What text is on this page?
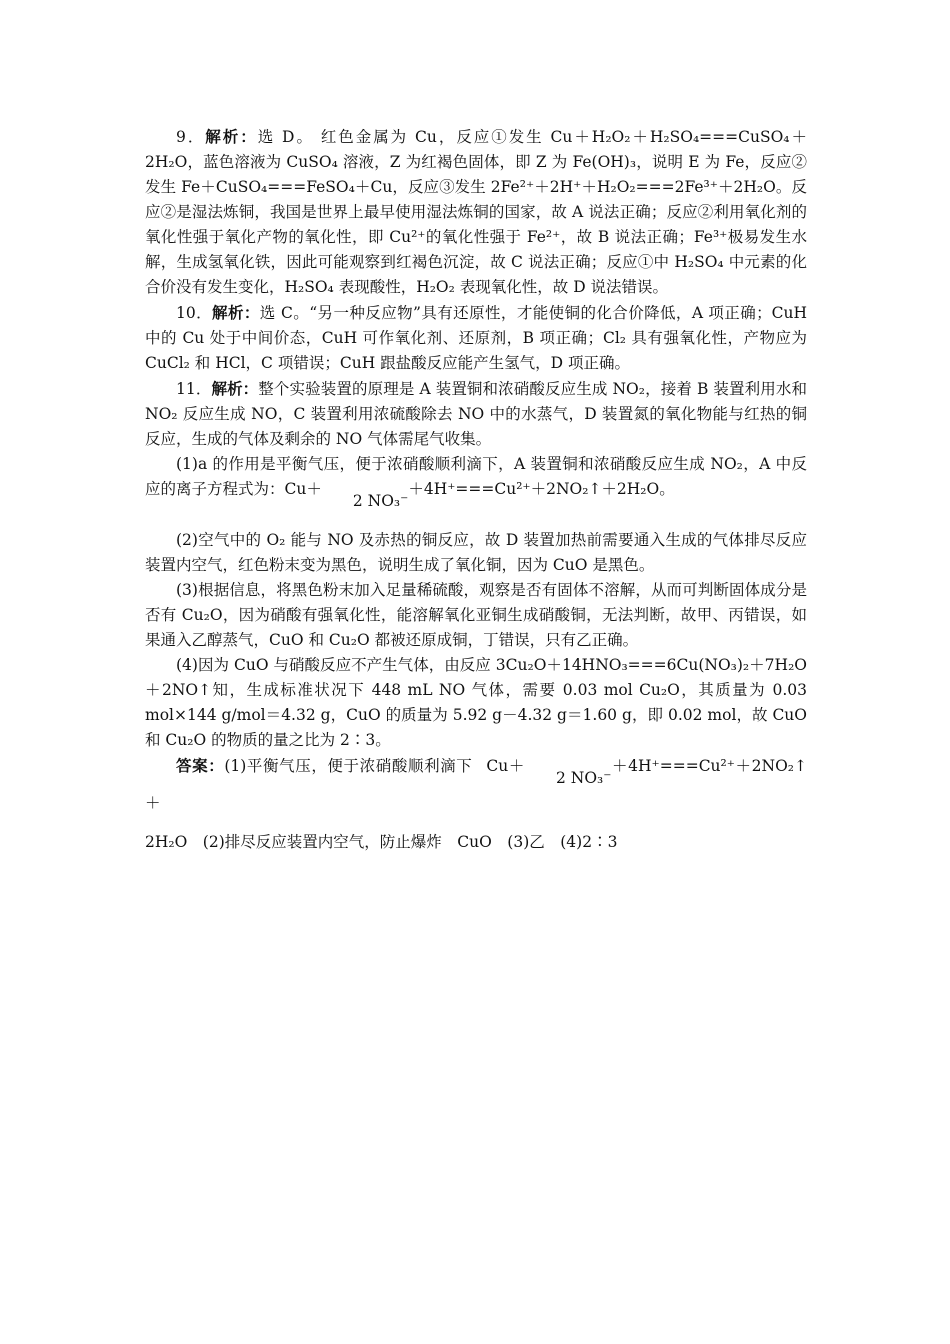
9．解析：选 D。 红色金属为 Cu，反应①发生 Cu＋H₂O₂＋H₂SO₄===CuSO₄＋2H₂O，蓝色溶液为 CuSO₄ 溶液，Z 为红褐色固体，即 Z 为 Fe(OH)₃，说明 E 为 Fe，反应②发生 Fe＋CuSO₄===FeSO₄＋Cu，反应③发生 2Fe²⁺＋2H⁺＋H₂O₂===2Fe³⁺＋2H₂O。反应②是湿法炼铜，我国是世界上最早使用湿法炼铜的国家，故 A 说法正确；反应②利用氧化剂的氧化性强于氧化产物的氧化性，即 Cu²⁺的氧化性强于 Fe²⁺，故 B 说法正确；Fe³⁺极易发生水解，生成氢氧化铁，因此可能观察到红褐色沉淀，故 C 说法正确；反应①中 H₂SO₄ 中元素的化合价没有发生变化，H₂SO₄ 表现酸性，H₂O₂ 表现氧化性，故 D 说法错误。

10．解析：选 C。“另一种反应物”具有还原性，才能使铜的化合价降低，A 项正确；CuH 中的 Cu 处于中间价态，CuH 可作氧化剂、还原剂，B 项正确；Cl₂ 具有强氧化性，产物应为 CuCl₂ 和 HCl，C 项错误；CuH 跟盐酸反应能产生氢气，D 项正确。

11．解析：整个实验装置的原理是 A 装置铜和浓硝酸反应生成 NO₂，接着 B 装置利用水和 NO₂ 反应生成 NO，C 装置利用浓硫酸除去 NO 中的水蒸气，D 装置氮的氧化物能与红热的铜反应，生成的气体及剩余的 NO 气体需尾气收集。

(1)a 的作用是平衡气压，便于浓硝酸顺利滴下，A 装置铜和浓硝酸反应生成 NO₂，A 中反应的离子方程式为：Cu＋2 NO₃⁻＋4H⁺===Cu²⁺＋2NO₂↑＋2H₂O。

(2)空气中的 O₂ 能与 NO 及赤热的铜反应，故 D 装置加热前需要通入生成的气体排尽反应装置内空气，红色粉末变为黑色，说明生成了氧化铜，因为 CuO 是黑色。

(3)根据信息，将黑色粉末加入足量稀硫酸，观察是否有固体不溶解，从而可判断固体成分是否有 Cu₂O，因为硝酸有强氧化性，能溶解氧化亚铜生成硝酸铜，无法判断，故甲、丙错误，如果通入乙醇蒸气，CuO 和 Cu₂O 都被还原成铜，丁错误，只有乙正确。

(4)因为 CuO 与硝酸反应不产生气体，由反应 3Cu₂O＋14HNO₃===6Cu(NO₃)₂＋7H₂O＋2NO↑知，生成标准状况下 448 mL NO 气体，需要 0.03 mol Cu₂O，其质量为 0.03 mol×144 g/mol＝4.32 g，CuO 的质量为 5.92 g－4.32 g＝1.60 g，即 0.02 mol，故 CuO 和 Cu₂O 的物质的量之比为 2∶3。

答案：(1)平衡气压，便于浓硝酸顺利滴下 Cu＋2 NO₃⁻＋4H⁺===Cu²⁺＋2NO₂↑＋

2H₂O　(2)排尽反应装置内空气，防止爆炸　CuO　(3)乙　(4)2∶3
